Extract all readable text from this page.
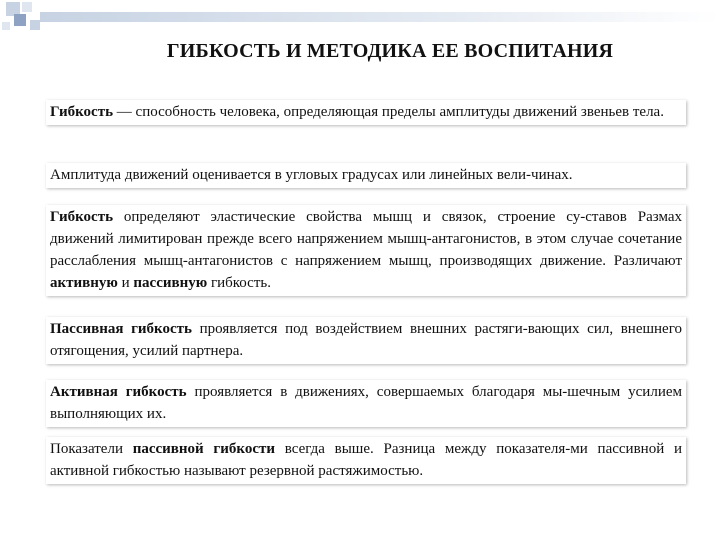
ГИБКОСТЬ И МЕТОДИКА ЕЕ ВОСПИТАНИЯ

Гибкость — способность человека, определяющая пределы амплитуды движений звеньев тела.

Амплитуда движений оценивается в угловых градусах или линейных вели-чинах.

Гибкость определяют эластические свойства мышц и связок, строение су-ставов Размах движений лимитирован прежде всего напряжением мышц-антагонистов, в этом случае сочетание расслабления мышц-антагонистов с напряжением мышц, производящих движение. Различают активную и пассивную гибкость.

Пассивная гибкость проявляется под воздействием внешних растяги-вающих сил, внешнего отягощения, усилий партнера.

Активная гибкость проявляется в движениях, совершаемых благодаря мы-шечным усилием выполняющих их.

Показатели пассивной гибкости всегда выше. Разница между показателя-ми пассивной и активной гибкостью называют резервной растяжимостью.
